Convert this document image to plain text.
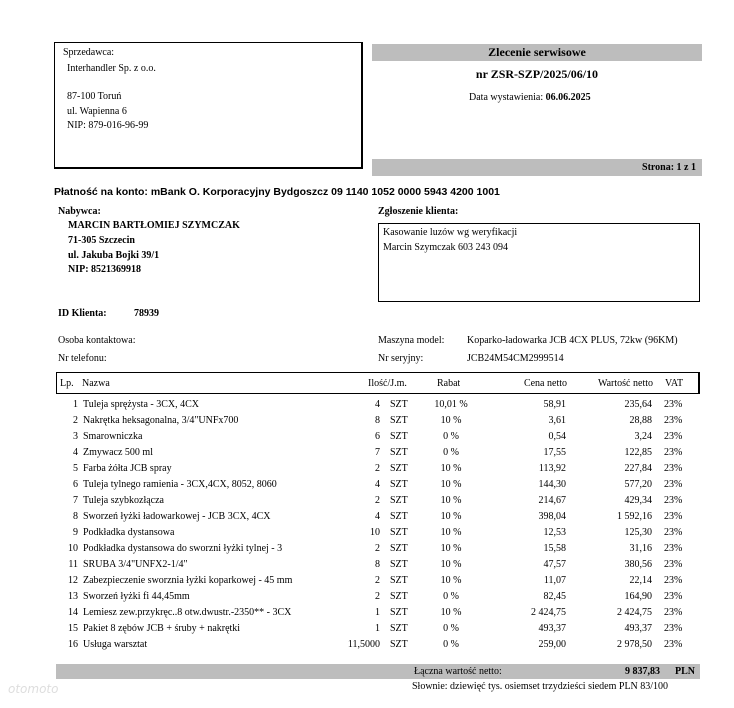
Sprzedawca:
Interhandler Sp. z o.o.
87-100 Toruń
ul. Wapienna 6
NIP: 879-016-96-99
Zlecenie serwisowe
nr ZSR-SZP/2025/06/10
Data wystawienia: 06.06.2025
Strona: 1 z 1
Płatność na konto: mBank O. Korporacyjny Bydgoszcz 09 1140 1052 0000 5943 4200 1001
Nabywca:
MARCIN BARTŁOMIEJ SZYMCZAK
71-305 Szczecin
ul. Jakuba Bojki 39/1
NIP: 8521369918
Zgłoszenie klienta:
Kasowanie luzów wg weryfikacji
Marcin Szymczak 603 243 094
ID Klienta:	78939
Osoba kontaktowa:
Nr telefonu:
Maszyna model: Koparko-ładowarka JCB 4CX PLUS, 72kw (96KM)
Nr seryjny:	JCB24M54CM2999514
Lp. Nazwa	Ilość/J.m.	Rabat	Cena netto	Wartość netto VAT
1 Tuleja sprężysta - 3CX, 4CX	4 SZT	10,01 %	58,91	235,64 23%
2 Nakrętka heksagonalna, 3/4"UNFx700	8 SZT	10 %	3,61	28,88 23%
3 Smarowniczka	6 SZT	0 %	0,54	3,24 23%
4 Zmywacz 500 ml	7 SZT	0 %	17,55	122,85 23%
5 Farba żółta JCB spray	2 SZT	10 %	113,92	227,84 23%
6 Tuleja tylnego ramienia - 3CX,4CX, 8052, 8060	4 SZT	10 %	144,30	577,20 23%
7 Tuleja szybkozłącza	2 SZT	10 %	214,67	429,34 23%
8 Sworzeń łyżki ładowarkowej - JCB 3CX, 4CX	4 SZT	10 %	398,04	1 592,16 23%
9 Podkładka dystansowa	10 SZT	10 %	12,53	125,30 23%
10 Podkładka dystansowa do sworzni łyżki tylnej - 3	2 SZT	10 %	15,58	31,16 23%
11 ŚRUBA 3/4"UNFX2-1/4"	8 SZT	10 %	47,57	380,56 23%
12 Zabezpieczenie sworznia łyżki koparkowej - 45 mm	2 SZT	10 %	11,07	22,14 23%
13 Sworzeń łyżki fi 44,45mm	2 SZT	0 %	82,45	164,90 23%
14 Lemiesz zew.przykręc..8 otw.dwustr.-2350** - 3CX	1 SZT	10 %	2 424,75	2 424,75 23%
15 Pakiet 8 zębów JCB + śruby + nakrętki	1 SZT	0 %	493,37	493,37 23%
16 Usługa warsztat	11,5000 SZT	0 %	259,00	2 978,50 23%
Łączna wartość netto:	9 837,83 PLN
Słownie: dziewięć tys. osiemset trzydzieści siedem PLN 83/100
otomoto
